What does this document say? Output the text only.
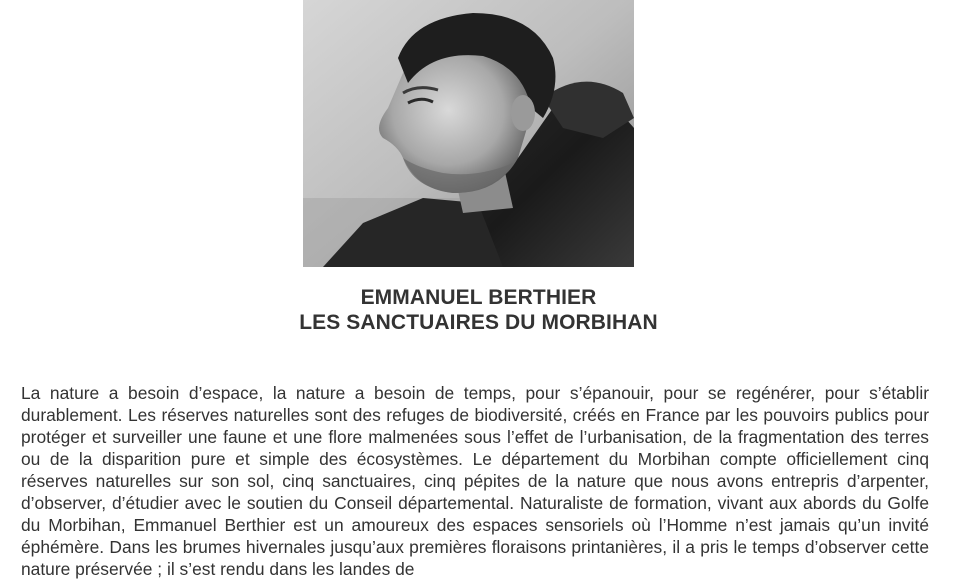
EMMANUEL BERTHIER
LES SANCTUAIRES DU MORBIHAN

La nature a besoin d’espace, la nature a besoin de temps, pour s’épanouir, pour se regénérer, pour s’établir durablement. Les réserves naturelles sont des refuges de biodiversité, créés en France par les pouvoirs publics pour protéger et surveiller une faune et une flore malmenées sous l’effet de l’urbanisation, de la fragmentation des terres ou de la disparition pure et simple des écosystèmes. Le département du Morbihan compte officiellement cinq réserves naturelles sur son sol, cinq sanctuaires, cinq pépites de la nature que nous avons entrepris d’arpenter, d’observer, d’étudier avec le soutien du Conseil départemental. Naturaliste de formation, vivant aux abords du Golfe du Morbihan, Emmanuel Berthier est un amoureux des espaces sensoriels où l’Homme n’est jamais qu’un invité éphémère. Dans les brumes hivernales jusqu’aux premières floraisons printanières, il a pris le temps d’observer cette nature préservée ; il s’est rendu dans les landes de
